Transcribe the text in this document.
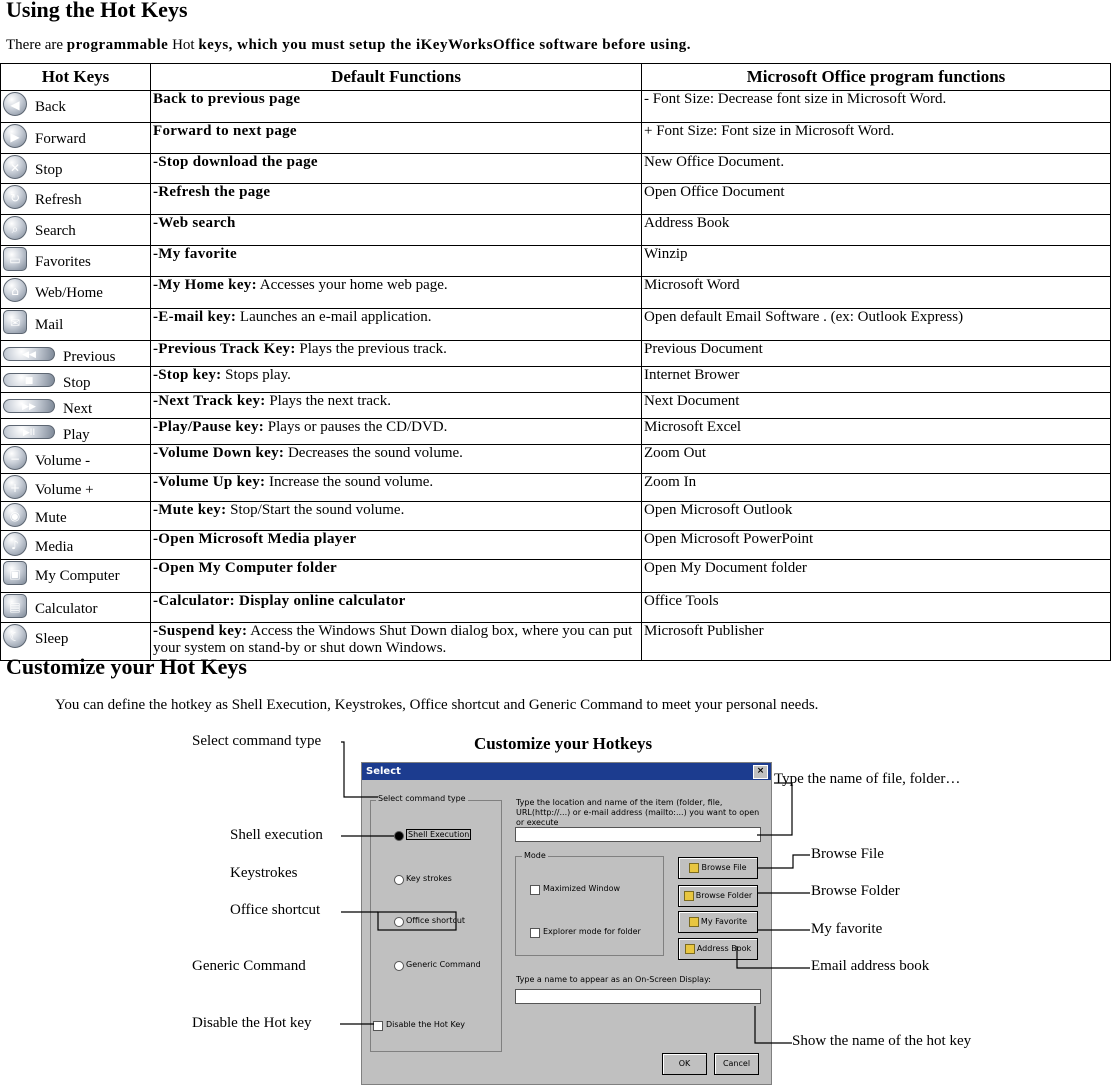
Using the Hot Keys
There are programmable Hot keys, which you must setup the iKeyWorksOffice software before using.
Hot Keys	Default Functions	Microsoft Office program functions
◀ Back	Back to previous page	- Font Size: Decrease font size in Microsoft Word.
▶ Forward	Forward to next page	+ Font Size: Font size in Microsoft Word.
✕ Stop	-Stop download the page	New Office Document.
↻ Refresh	-Refresh the page	Open Office Document
⌕ Search	-Web search	Address Book
▭ Favorites	-My favorite	Winzip
⌂ Web/Home	-My Home key: Accesses your home web page.	Microsoft Word
✉ Mail	-E-mail key: Launches an e-mail application.	Open default Email Software . (ex: Outlook Express)
◀◀ Previous	-Previous Track Key: Plays the previous track.	Previous Document
■ Stop	-Stop key: Stops play.	Internet Brower
▶▶ Next	-Next Track key: Plays the next track.	Next Document
▶II Play	-Play/Pause key: Plays or pauses the CD/DVD.	Microsoft Excel
− Volume -	-Volume Down key: Decreases the sound volume.	Zoom Out
+ Volume +	-Volume Up key: Increase the sound volume.	Zoom In
◉ Mute	-Mute key: Stop/Start the sound volume.	Open Microsoft Outlook
♪ Media	-Open Microsoft Media player	Open Microsoft PowerPoint
▣ My Computer	-Open My Computer folder	Open My Document folder
▤ Calculator	-Calculator: Display online calculator	Office Tools
☾ Sleep	-Suspend key: Access the Windows Shut Down dialog box, where you can put your system on stand-by or shut down Windows.	Microsoft Publisher
Customize your Hot Keys
You can define the hotkey as Shell Execution, Keystrokes, Office shortcut and Generic Command to meet your personal needs.
Customize your Hotkeys
Select	×
Select command type
Shell Execution
Key strokes
Office shortcut
Generic Command
Type the location and name of the item (folder, file, URL(http://...) or e-mail address (mailto:...) you want to open or execute
Mode
Maximized Window
Explorer mode for folder
Browse File
Browse Folder
My Favorite
Address Book
Type a name to appear as an On-Screen Display:
Disable the Hot Key
OK	Cancel
Select command type
Shell execution
Keystrokes
Office shortcut
Generic Command
Disable the Hot key
Type the name of file, folder…
Browse File
Browse Folder
My favorite
Email address book
Show the name of the hot key
